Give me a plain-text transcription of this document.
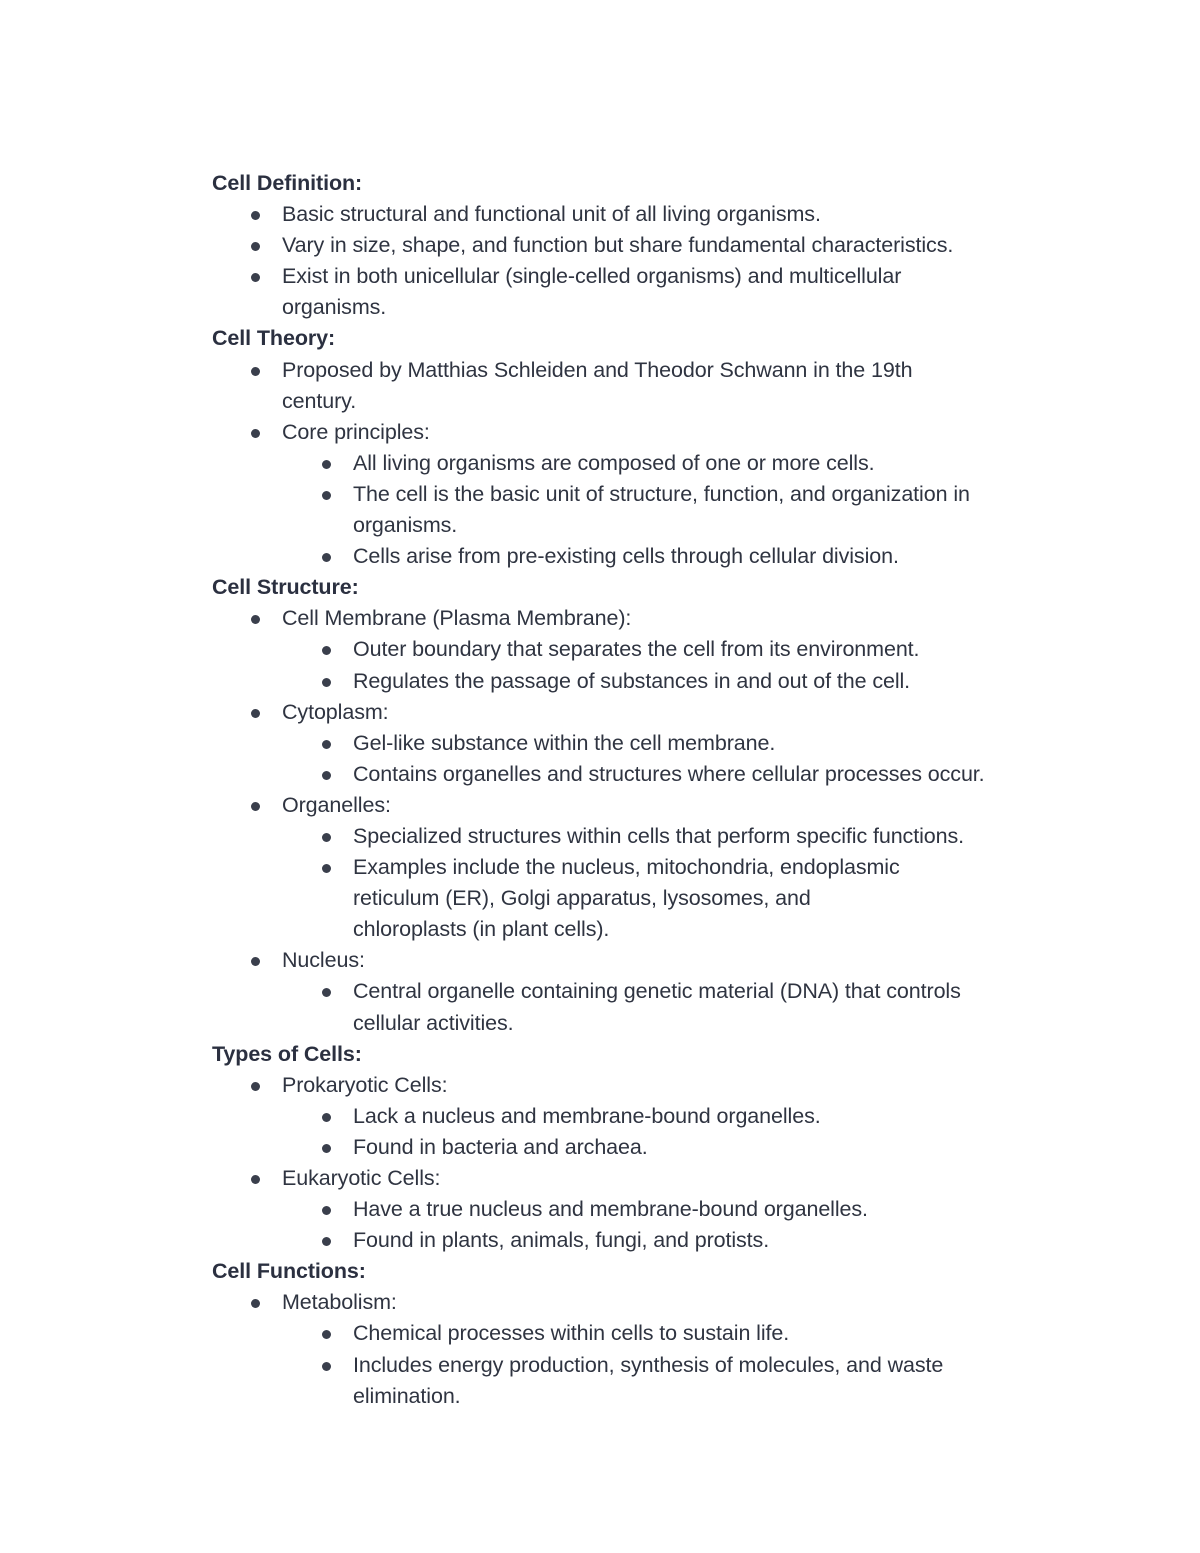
Cell Definition:
Basic structural and functional unit of all living organisms.
Vary in size, shape, and function but share fundamental characteristics.
Exist in both unicellular (single-celled organisms) and multicellular organisms.
Cell Theory:
Proposed by Matthias Schleiden and Theodor Schwann in the 19th century.
Core principles:
All living organisms are composed of one or more cells.
The cell is the basic unit of structure, function, and organization in organisms.
Cells arise from pre-existing cells through cellular division.
Cell Structure:
Cell Membrane (Plasma Membrane):
Outer boundary that separates the cell from its environment.
Regulates the passage of substances in and out of the cell.
Cytoplasm:
Gel-like substance within the cell membrane.
Contains organelles and structures where cellular processes occur.
Organelles:
Specialized structures within cells that perform specific functions.
Examples include the nucleus, mitochondria, endoplasmic reticulum (ER), Golgi apparatus, lysosomes, and chloroplasts (in plant cells).
Nucleus:
Central organelle containing genetic material (DNA) that controls cellular activities.
Types of Cells:
Prokaryotic Cells:
Lack a nucleus and membrane-bound organelles.
Found in bacteria and archaea.
Eukaryotic Cells:
Have a true nucleus and membrane-bound organelles.
Found in plants, animals, fungi, and protists.
Cell Functions:
Metabolism:
Chemical processes within cells to sustain life.
Includes energy production, synthesis of molecules, and waste elimination.
